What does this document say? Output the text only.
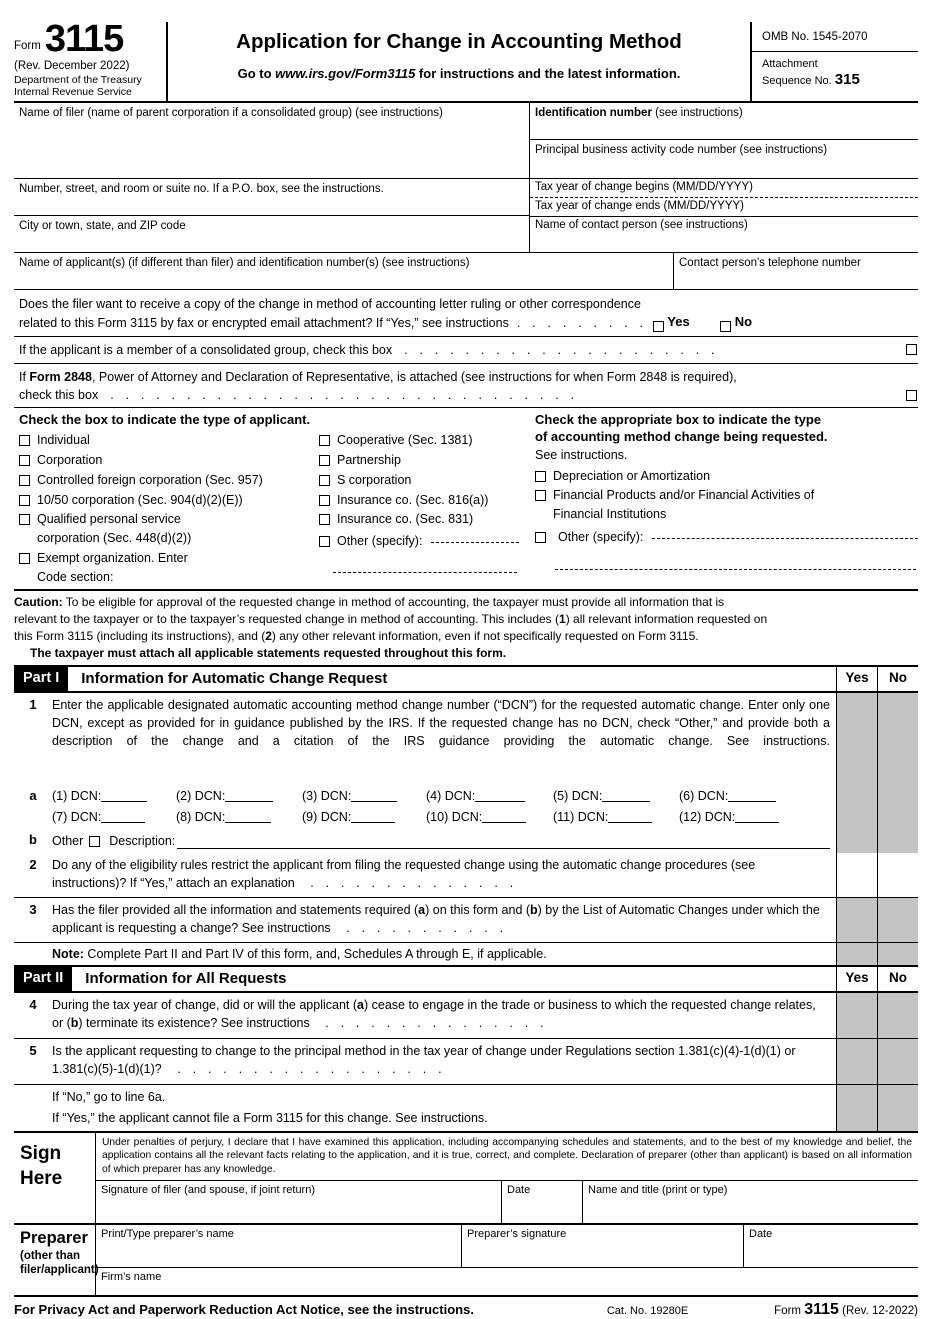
Form 3115
(Rev. December 2022)
Department of the Treasury
Internal Revenue Service
Application for Change in Accounting Method
Go to www.irs.gov/Form3115 for instructions and the latest information.
OMB No. 1545-2070
Attachment
Sequence No. 315
Name of filer (name of parent corporation if a consolidated group) (see instructions)
Number, street, and room or suite no. If a P.O. box, see the instructions.
City or town, state, and ZIP code
Identification number (see instructions)
Principal business activity code number (see instructions)
Tax year of change begins (MM/DD/YYYY)
Tax year of change ends (MM/DD/YYYY)
Name of contact person (see instructions)
Name of applicant(s) (if different than filer) and identification number(s) (see instructions)	Contact person's telephone number
Does the filer want to receive a copy of the change in method of accounting letter ruling or other correspondence
related to this Form 3115 by fax or encrypted email attachment? If “Yes,” see instructions . . . . . . . . .	Yes	No
If the applicant is a member of a consolidated group, check this box . . . . . . . . . . . . . . . . . . . . .
If Form 2848, Power of Attorney and Declaration of Representative, is attached (see instructions for when Form 2848 is required),
check this box . . . . . . . . . . . . . . . . . . . . . . . . . . . . . . .
Check the box to indicate the type of applicant.
Individual
Corporation
Controlled foreign corporation (Sec. 957)
10/50 corporation (Sec. 904(d)(2)(E))
Qualified personal service
corporation (Sec. 448(d)(2))
Exempt organization. Enter
Code section:
Cooperative (Sec. 1381)
Partnership
S corporation
Insurance co. (Sec. 816(a))
Insurance co. (Sec. 831)
Other (specify):
Check the appropriate box to indicate the type
of accounting method change being requested.
See instructions.
Depreciation or Amortization
Financial Products and/or Financial Activities of
Financial Institutions
Other (specify):
Caution: To be eligible for approval of the requested change in method of accounting, the taxpayer must provide all information that is
relevant to the taxpayer or to the taxpayer’s requested change in method of accounting. This includes (1) all relevant information requested on
this Form 3115 (including its instructions), and (2) any other relevant information, even if not specifically requested on Form 3115.
The taxpayer must attach all applicable statements requested throughout this form.
Part I	Information for Automatic Change Request	Yes	No
1	Enter the applicable designated automatic accounting method change number (“DCN”) for the requested automatic change. Enter only one DCN, except as provided for in guidance published by the IRS. If the requested change has no DCN, check “Other,” and provide both a description of the change and a citation of the IRS guidance providing the automatic change. See instructions.
a	(1) DCN:	(2) DCN:	(3) DCN:	(4) DCN:	(5) DCN:	(6) DCN:
(7) DCN:	(8) DCN:	(9) DCN:	(10) DCN:	(11) DCN:	(12) DCN:
b	Other Description:
2	Do any of the eligibility rules restrict the applicant from filing the requested change using the automatic change procedures (see instructions)? If “Yes,” attach an explanation . . . . . . . . . . . . . .
3	Has the filer provided all the information and statements required (a) on this form and (b) by the List of Automatic Changes under which the applicant is requesting a change? See instructions . . . . . . . . . . .
Note: Complete Part II and Part IV of this form, and, Schedules A through E, if applicable.
Part II	Information for All Requests	Yes	No
4	During the tax year of change, did or will the applicant (a) cease to engage in the trade or business to which the requested change relates, or (b) terminate its existence? See instructions . . . . . . . . . . . . . . .
5	Is the applicant requesting to change to the principal method in the tax year of change under Regulations section 1.381(c)(4)-1(d)(1) or 1.381(c)(5)-1(d)(1)? . . . . . . . . . . . . . . . . . .
If “No,” go to line 6a.
If “Yes,” the applicant cannot file a Form 3115 for this change. See instructions.
Sign
Here
Under penalties of perjury, I declare that I have examined this application, including accompanying schedules and statements, and to the best of my knowledge and belief, the application contains all the relevant facts relating to the application, and it is true, correct, and complete. Declaration of preparer (other than applicant) is based on all information of which preparer has any knowledge.
Signature of filer (and spouse, if joint return)	Date	Name and title (print or type)
Preparer
(other than
filer/applicant)
Print/Type preparer’s name	Preparer’s signature	Date
Firm’s name
For Privacy Act and Paperwork Reduction Act Notice, see the instructions.	Cat. No. 19280E	Form 3115 (Rev. 12-2022)
